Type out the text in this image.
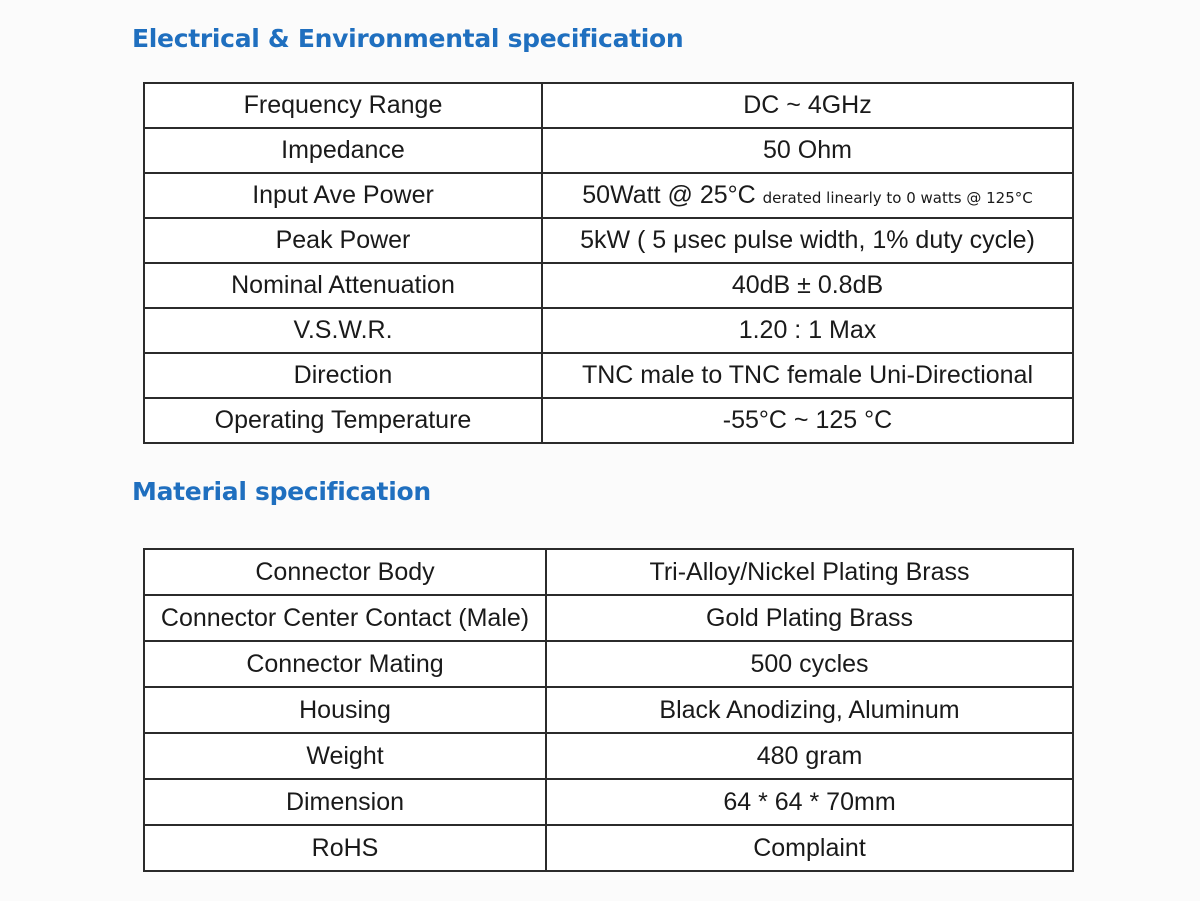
Electrical & Environmental specification
Frequency Range	DC ~ 4GHz
Impedance	50 Ohm
Input Ave Power	50Watt @ 25°C derated linearly to 0 watts @ 125°C
Peak Power	5kW ( 5 μsec pulse width, 1% duty cycle)
Nominal Attenuation	40dB ± 0.8dB
V.S.W.R.	1.20 : 1 Max
Direction	TNC male to TNC female Uni-Directional
Operating Temperature	-55°C ~ 125 °C
Material specification
Connector Body	Tri-Alloy/Nickel Plating Brass
Connector Center Contact (Male)	Gold Plating Brass
Connector Mating	500 cycles
Housing	Black Anodizing, Aluminum
Weight	480 gram
Dimension	64 * 64 * 70mm
RoHS	Complaint
